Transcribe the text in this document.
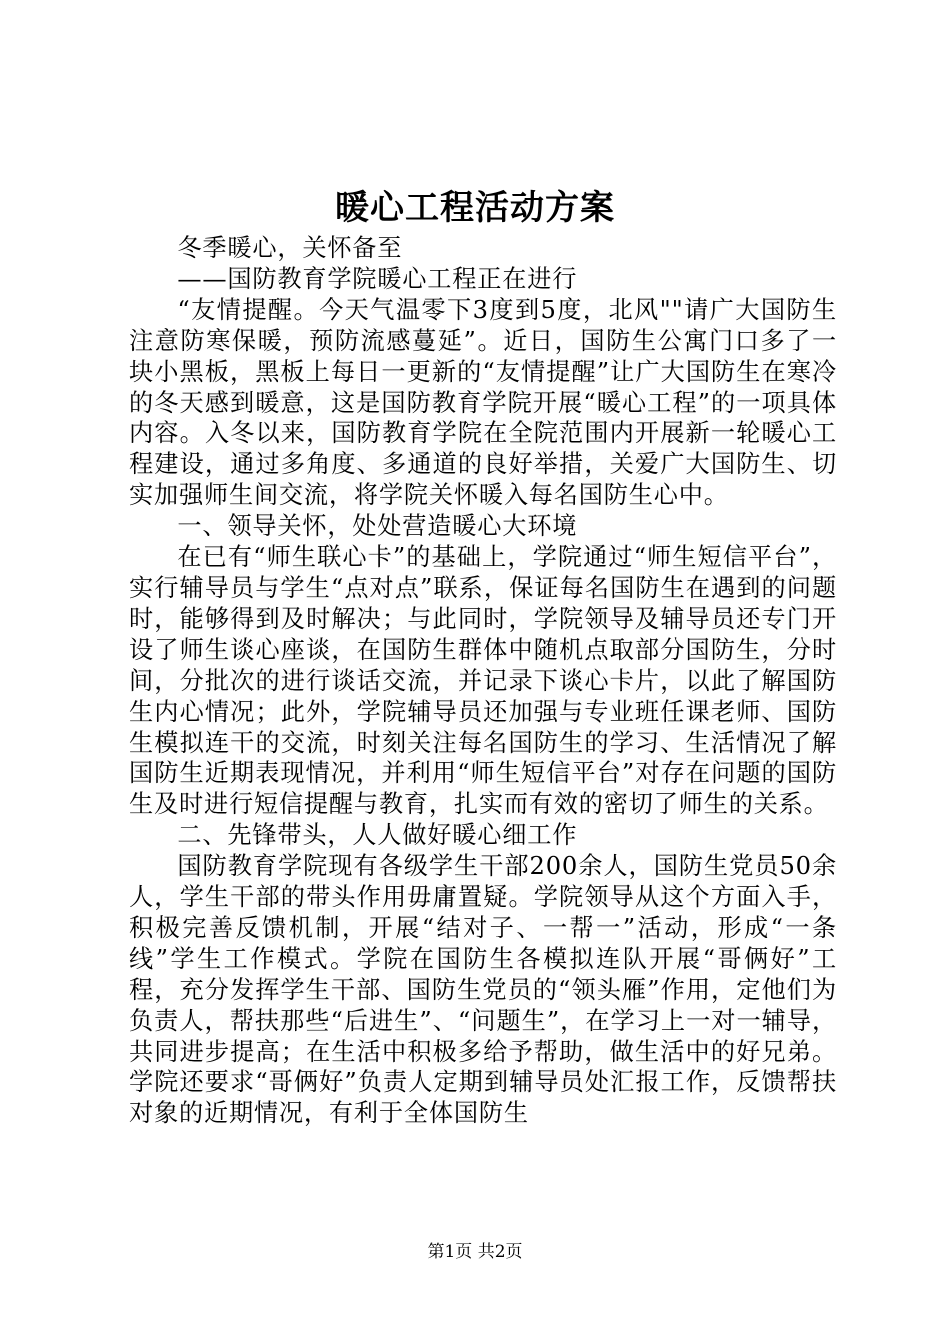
暖心工程活动方案

冬季暖心，关怀备至

——国防教育学院暖心工程正在进行

“友情提醒。今天气温零下3度到5度，北风""请广大国防生注意防寒保暖，预防流感蔓延”。近日，国防生公寓门口多了一块小黑板，黑板上每日一更新的“友情提醒”让广大国防生在寒冷的冬天感到暖意，这是国防教育学院开展“暖心工程”的一项具体内容。入冬以来，国防教育学院在全院范围内开展新一轮暖心工程建设，通过多角度、多通道的良好举措，关爱广大国防生、切实加强师生间交流，将学院关怀暖入每名国防生心中。

一、领导关怀，处处营造暖心大环境

在已有“师生联心卡”的基础上，学院通过“师生短信平台”，实行辅导员与学生“点对点”联系，保证每名国防生在遇到的问题时，能够得到及时解决；与此同时，学院领导及辅导员还专门开设了师生谈心座谈，在国防生群体中随机点取部分国防生，分时间，分批次的进行谈话交流，并记录下谈心卡片，以此了解国防生内心情况；此外，学院辅导员还加强与专业班任课老师、国防生模拟连干的交流，时刻关注每名国防生的学习、生活情况了解国防生近期表现情况，并利用“师生短信平台”对存在问题的国防生及时进行短信提醒与教育，扎实而有效的密切了师生的关系。

二、先锋带头，人人做好暖心细工作

国防教育学院现有各级学生干部200余人，国防生党员50余人，学生干部的带头作用毋庸置疑。学院领导从这个方面入手，积极完善反馈机制，开展“结对子、一帮一”活动，形成“一条线”学生工作模式。学院在国防生各模拟连队开展“哥俩好”工程，充分发挥学生干部、国防生党员的“领头雁”作用，定他们为负责人，帮扶那些“后进生”、“问题生”，在学习上一对一辅导，共同进步提高；在生活中积极多给予帮助，做生活中的好兄弟。学院还要求“哥俩好”负责人定期到辅导员处汇报工作，反馈帮扶对象的近期情况，有利于全体国防生

第1页 共2页
